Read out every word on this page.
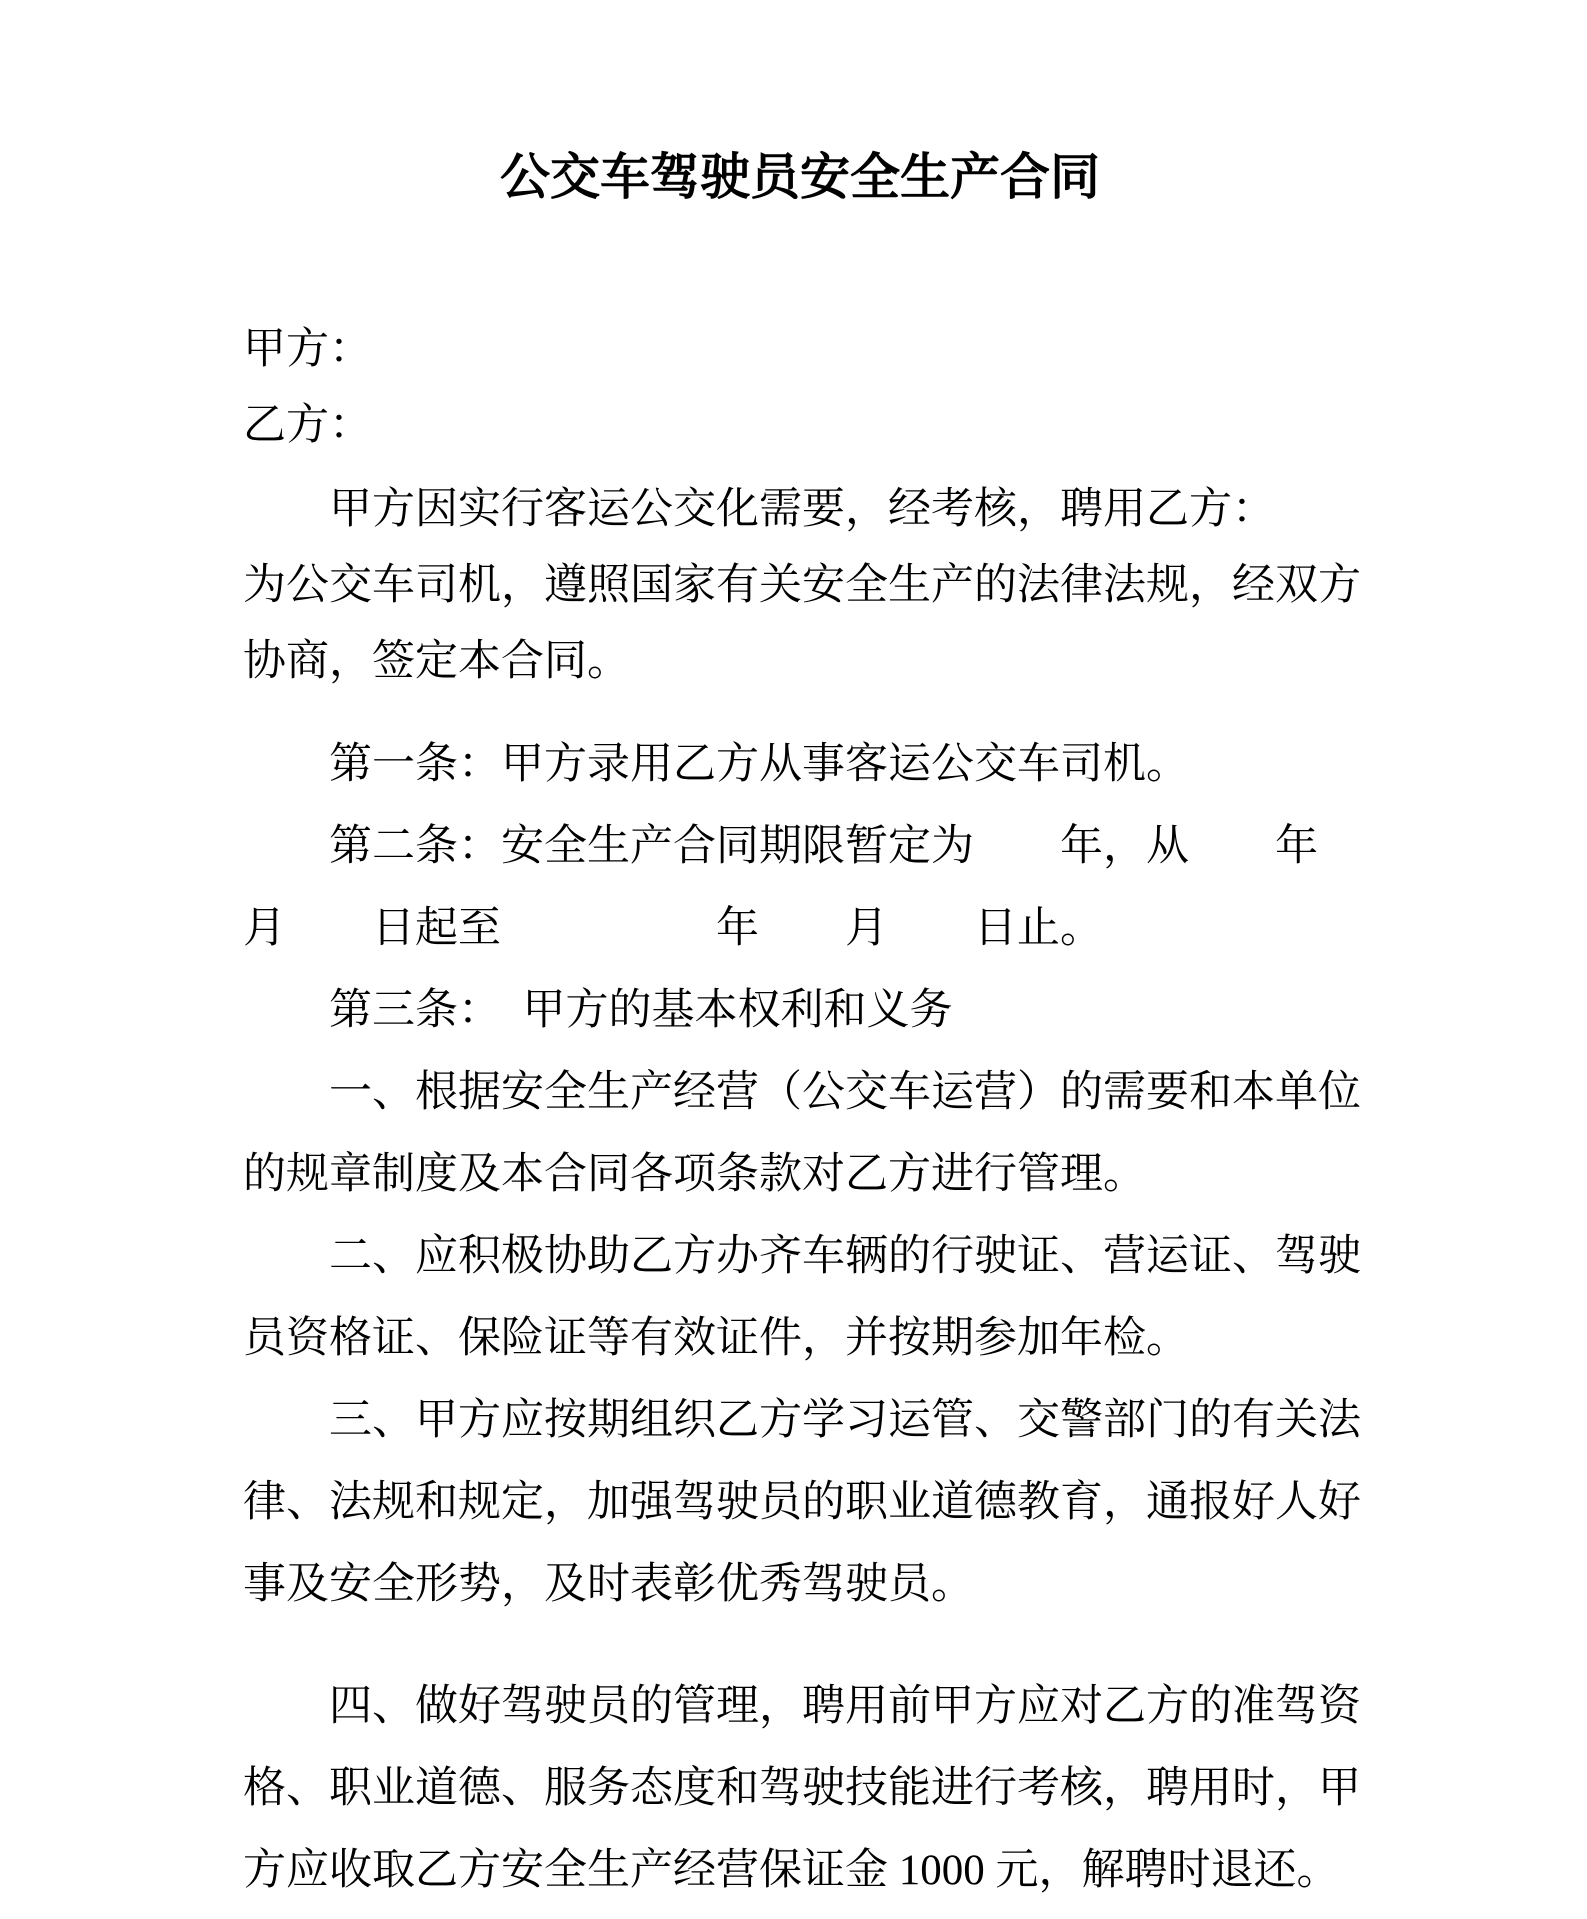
公交车驾驶员安全生产合同
甲方：
乙方：
甲方因实行客运公交化需要，经考核，聘用乙方：
为公交车司机，遵照国家有关安全生产的法律法规，经双方
协商，签定本合同。
第一条：甲方录用乙方从事客运公交车司机。
第二条：安全生产合同期限暂定为　　年，从　　年
月　　日起至　　　　　年　　月　　日止。
第三条：　甲方的基本权利和义务
一、根据安全生产经营（公交车运营）的需要和本单位
的规章制度及本合同各项条款对乙方进行管理。
二、应积极协助乙方办齐车辆的行驶证、营运证、驾驶
员资格证、保险证等有效证件，并按期参加年检。
三、甲方应按期组织乙方学习运管、交警部门的有关法
律、法规和规定，加强驾驶员的职业道德教育，通报好人好
事及安全形势，及时表彰优秀驾驶员。
四、做好驾驶员的管理，聘用前甲方应对乙方的准驾资
格、职业道德、服务态度和驾驶技能进行考核，聘用时，甲
方应收取乙方安全生产经营保证金 1000 元，解聘时退还。
